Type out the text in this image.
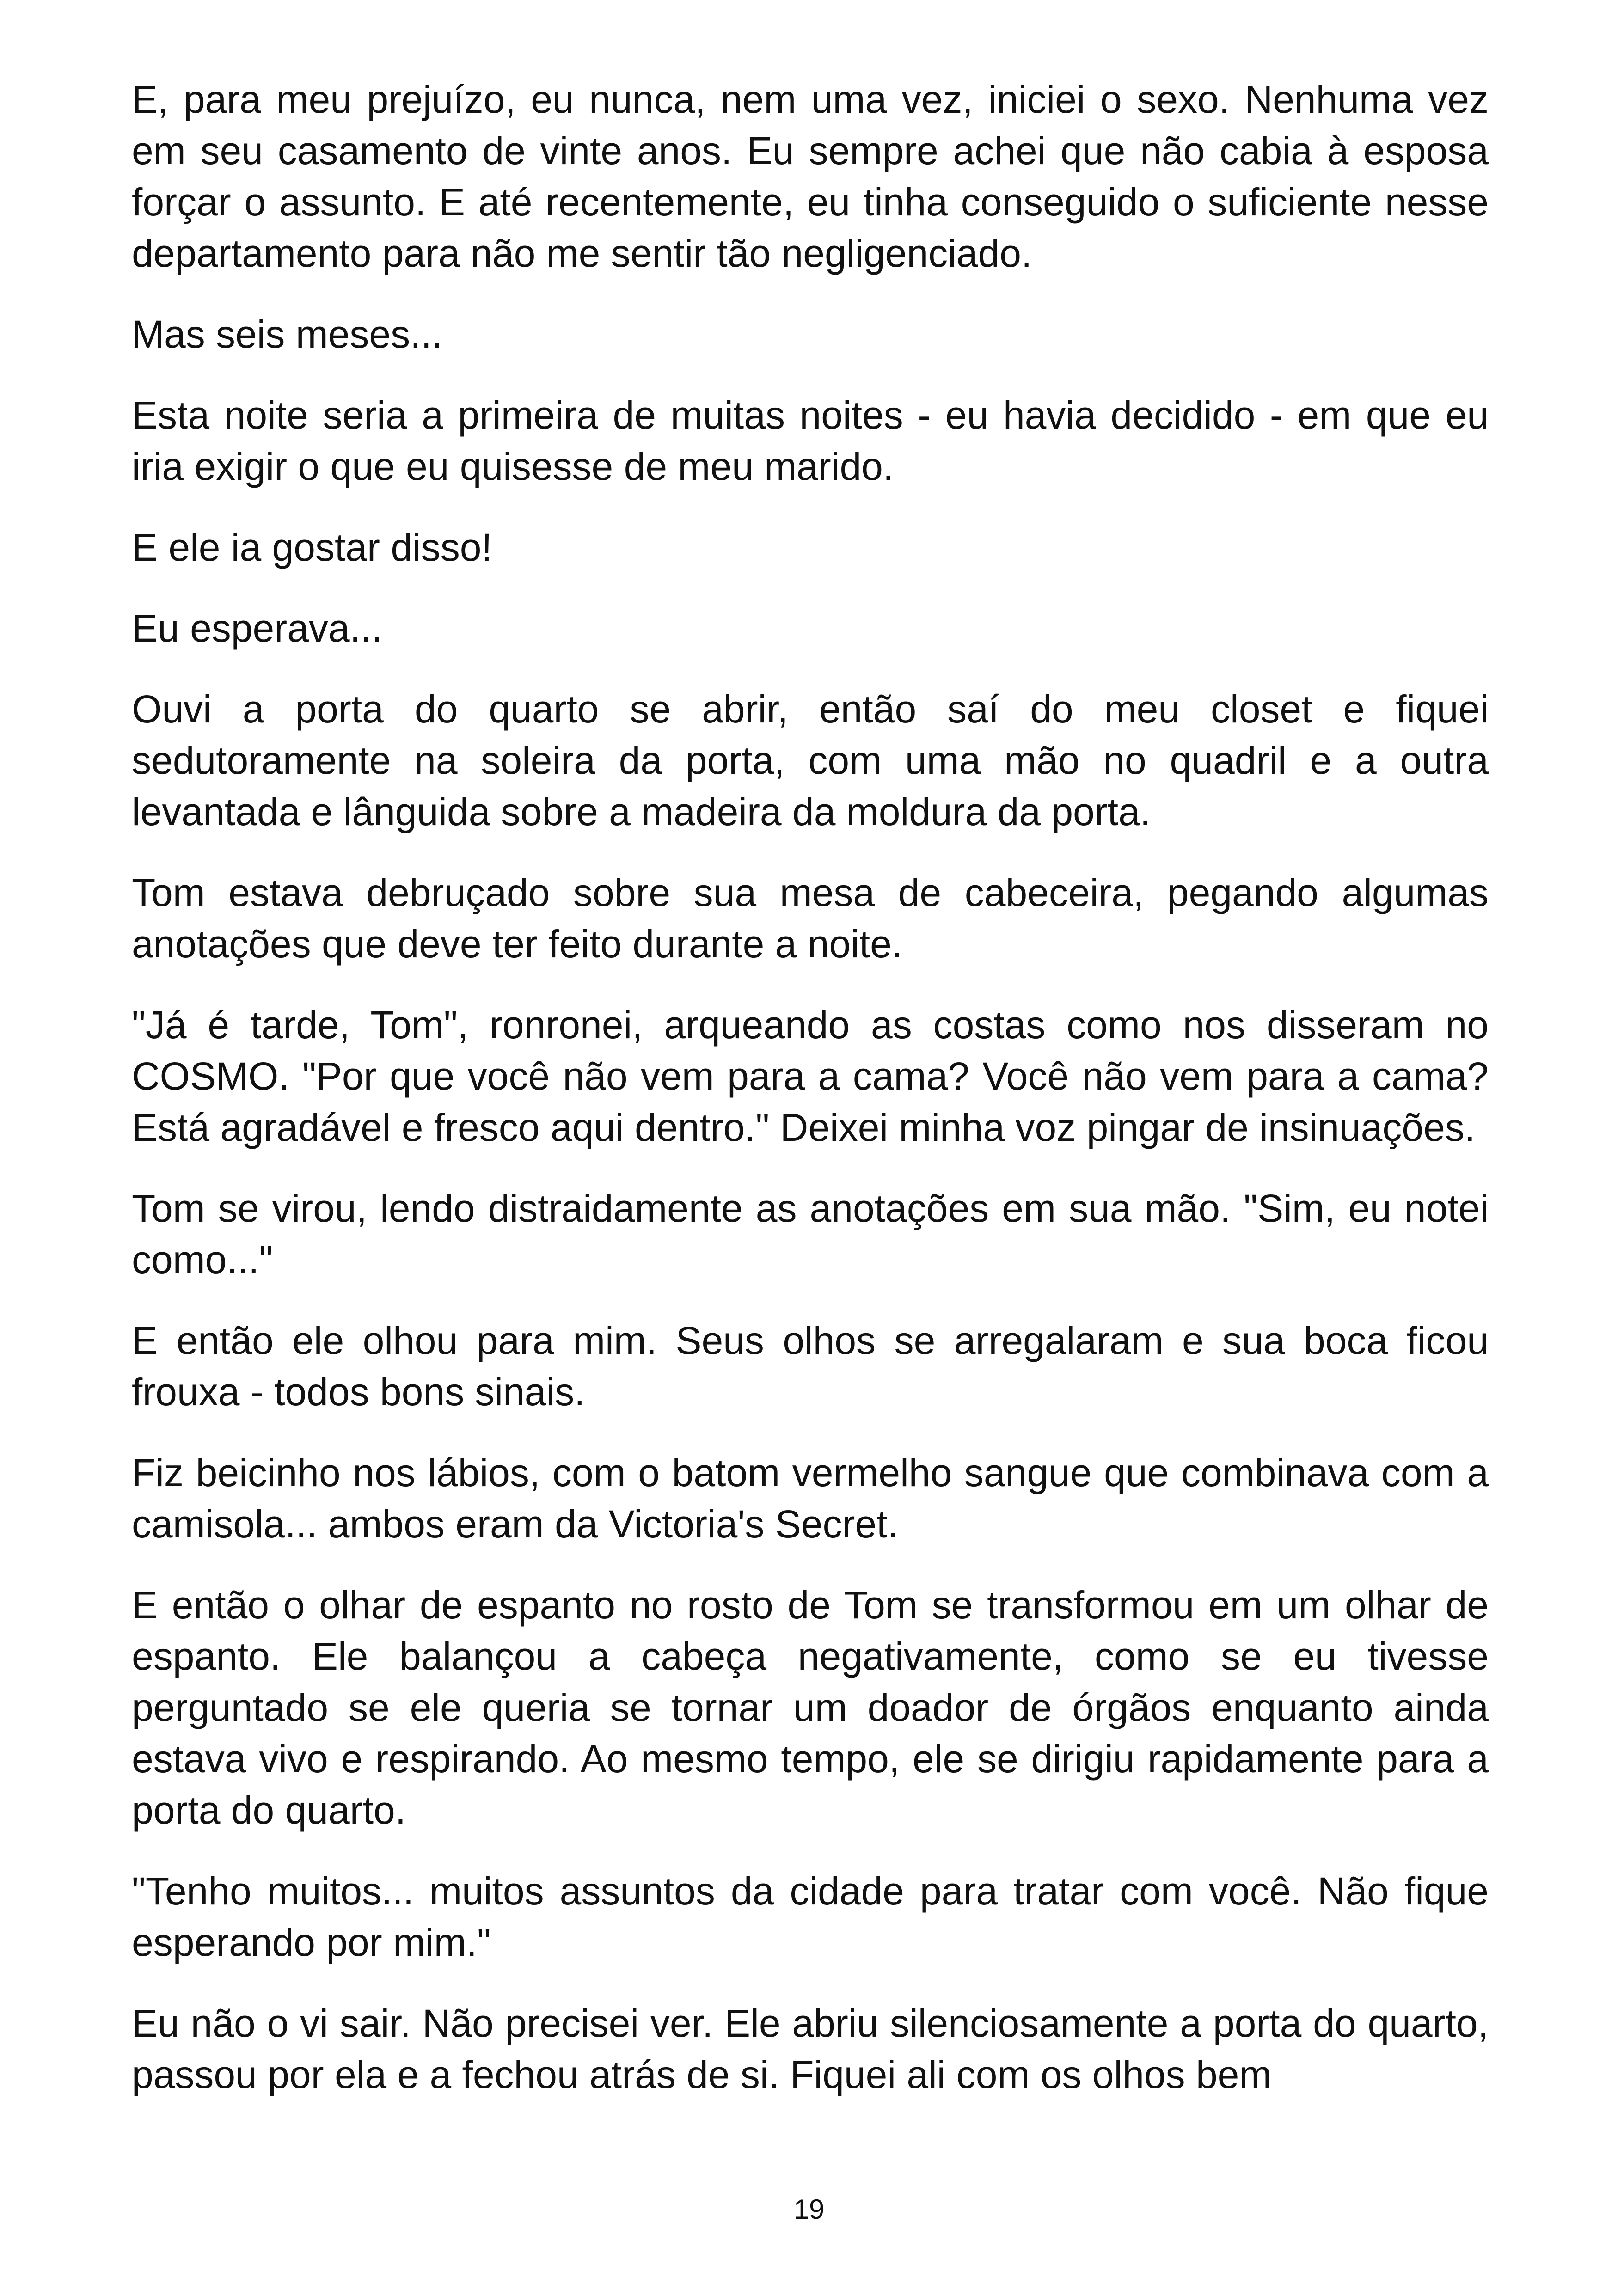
E, para meu prejuízo, eu nunca, nem uma vez, iniciei o sexo. Nenhuma vez em seu casamento de vinte anos. Eu sempre achei que não cabia à esposa forçar o assunto. E até recentemente, eu tinha conseguido o suficiente nesse departamento para não me sentir tão negligenciado.

Mas seis meses...

Esta noite seria a primeira de muitas noites - eu havia decidido - em que eu iria exigir o que eu quisesse de meu marido.

E ele ia gostar disso!

Eu esperava...

Ouvi a porta do quarto se abrir, então saí do meu closet e fiquei sedutoramente na soleira da porta, com uma mão no quadril e a outra levantada e lânguida sobre a madeira da moldura da porta.

Tom estava debruçado sobre sua mesa de cabeceira, pegando algumas anotações que deve ter feito durante a noite.

"Já é tarde, Tom", ronronei, arqueando as costas como nos disseram no COSMO. "Por que você não vem para a cama? Você não vem para a cama? Está agradável e fresco aqui dentro." Deixei minha voz pingar de insinuações.

Tom se virou, lendo distraidamente as anotações em sua mão. "Sim, eu notei como..."

E então ele olhou para mim. Seus olhos se arregalaram e sua boca ficou frouxa - todos bons sinais.

Fiz beicinho nos lábios, com o batom vermelho sangue que combinava com a camisola... ambos eram da Victoria's Secret.

E então o olhar de espanto no rosto de Tom se transformou em um olhar de espanto. Ele balançou a cabeça negativamente, como se eu tivesse perguntado se ele queria se tornar um doador de órgãos enquanto ainda estava vivo e respirando. Ao mesmo tempo, ele se dirigiu rapidamente para a porta do quarto.

"Tenho muitos... muitos assuntos da cidade para tratar com você. Não fique esperando por mim."

Eu não o vi sair. Não precisei ver. Ele abriu silenciosamente a porta do quarto, passou por ela e a fechou atrás de si. Fiquei ali com os olhos bem

19
